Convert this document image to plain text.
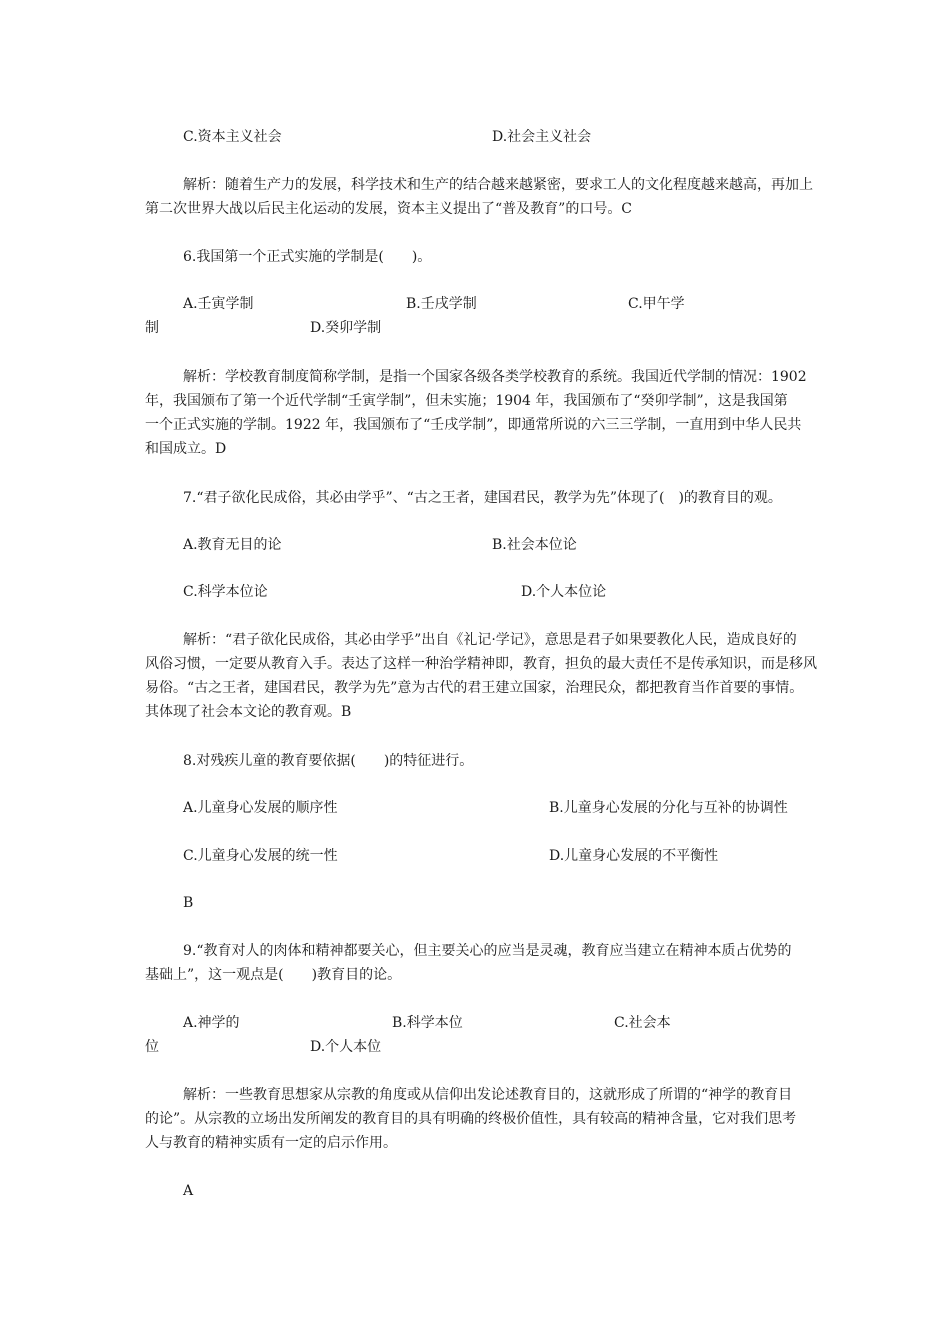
C.资本主义社会	D.社会主义社会
解析：随着生产力的发展，科学技术和生产的结合越来越紧密，要求工人的文化程度越来越高，再加上
第二次世界大战以后民主化运动的发展，资本主义提出了“普及教育”的口号。C
6.我国第一个正式实施的学制是(　　)。
A.壬寅学制	B.壬戌学制	C.甲午学
制	D.癸卯学制
解析：学校教育制度简称学制，是指一个国家各级各类学校教育的系统。我国近代学制的情况：1902
年，我国颁布了第一个近代学制“壬寅学制”，但未实施；1904 年，我国颁布了“癸卯学制”，这是我国第
一个正式实施的学制。1922 年，我国颁布了“壬戌学制”，即通常所说的六三三学制，一直用到中华人民共
和国成立。D
7.“君子欲化民成俗，其必由学乎”、“古之王者，建国君民，教学为先”体现了(　)的教育目的观。
A.教育无目的论	B.社会本位论
C.科学本位论	D.个人本位论
解析：“君子欲化民成俗，其必由学乎”出自《礼记·学记》，意思是君子如果要教化人民，造成良好的
风俗习惯，一定要从教育入手。表达了这样一种治学精神即，教育，担负的最大责任不是传承知识，而是移风
易俗。“古之王者，建国君民，教学为先”意为古代的君王建立国家，治理民众，都把教育当作首要的事情。
其体现了社会本文论的教育观。B
8.对残疾儿童的教育要依据(　　)的特征进行。
A.儿童身心发展的顺序性	B.儿童身心发展的分化与互补的协调性
C.儿童身心发展的统一性	D.儿童身心发展的不平衡性
B
9.“教育对人的肉体和精神都要关心，但主要关心的应当是灵魂，教育应当建立在精神本质占优势的
基础上”，这一观点是(　　)教育目的论。
A.神学的	B.科学本位	C.社会本
位	D.个人本位
解析：一些教育思想家从宗教的角度或从信仰出发论述教育目的，这就形成了所谓的“神学的教育目
的论”。从宗教的立场出发所阐发的教育目的具有明确的终极价值性，具有较高的精神含量，它对我们思考
人与教育的精神实质有一定的启示作用。
A
